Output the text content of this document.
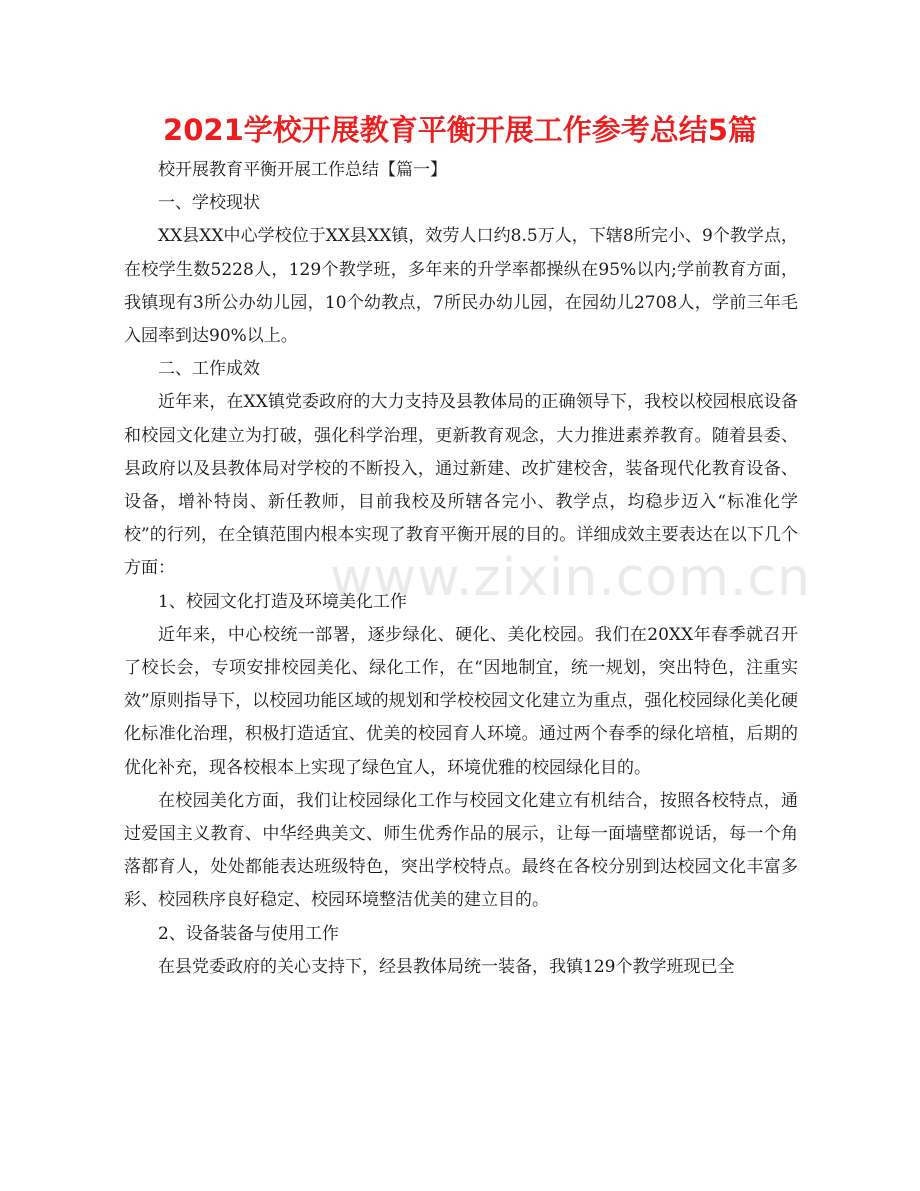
2021学校开展教育平衡开展工作参考总结5篇

校开展教育平衡开展工作总结【篇一】

一、学校现状

XX县XX中心学校位于XX县XX镇，效劳人口约8.5万人，下辖8所完小、9个教学点，在校学生数5228人，129个教学班，多年来的升学率都操纵在95%以内;学前教育方面，我镇现有3所公办幼儿园，10个幼教点，7所民办幼儿园，在园幼儿2708人，学前三年毛入园率到达90%以上。

二、工作成效

近年来，在XX镇党委政府的大力支持及县教体局的正确领导下，我校以校园根底设备和校园文化建立为打破，强化科学治理，更新教育观念，大力推进素养教育。随着县委、县政府以及县教体局对学校的不断投入，通过新建、改扩建校舍，装备现代化教育设备、设备，增补特岗、新任教师，目前我校及所辖各完小、教学点，均稳步迈入“标准化学校”的行列，在全镇范围内根本实现了教育平衡开展的目的。详细成效主要表达在以下几个方面：

1、校园文化打造及环境美化工作

近年来，中心校统一部署，逐步绿化、硬化、美化校园。我们在20XX年春季就召开了校长会，专项安排校园美化、绿化工作，在“因地制宜，统一规划，突出特色，注重实效”原则指导下，以校园功能区域的规划和学校校园文化建立为重点，强化校园绿化美化硬化标准化治理，积极打造适宜、优美的校园育人环境。通过两个春季的绿化培植，后期的优化补充，现各校根本上实现了绿色宜人，环境优雅的校园绿化目的。

在校园美化方面，我们让校园绿化工作与校园文化建立有机结合，按照各校特点，通过爱国主义教育、中华经典美文、师生优秀作品的展示，让每一面墙壁都说话，每一个角落都育人，处处都能表达班级特色，突出学校特点。最终在各校分别到达校园文化丰富多彩、校园秩序良好稳定、校园环境整洁优美的建立目的。

2、设备装备与使用工作

在县党委政府的关心支持下，经县教体局统一装备，我镇129个教学班现已全

www.zixin.com.cn
